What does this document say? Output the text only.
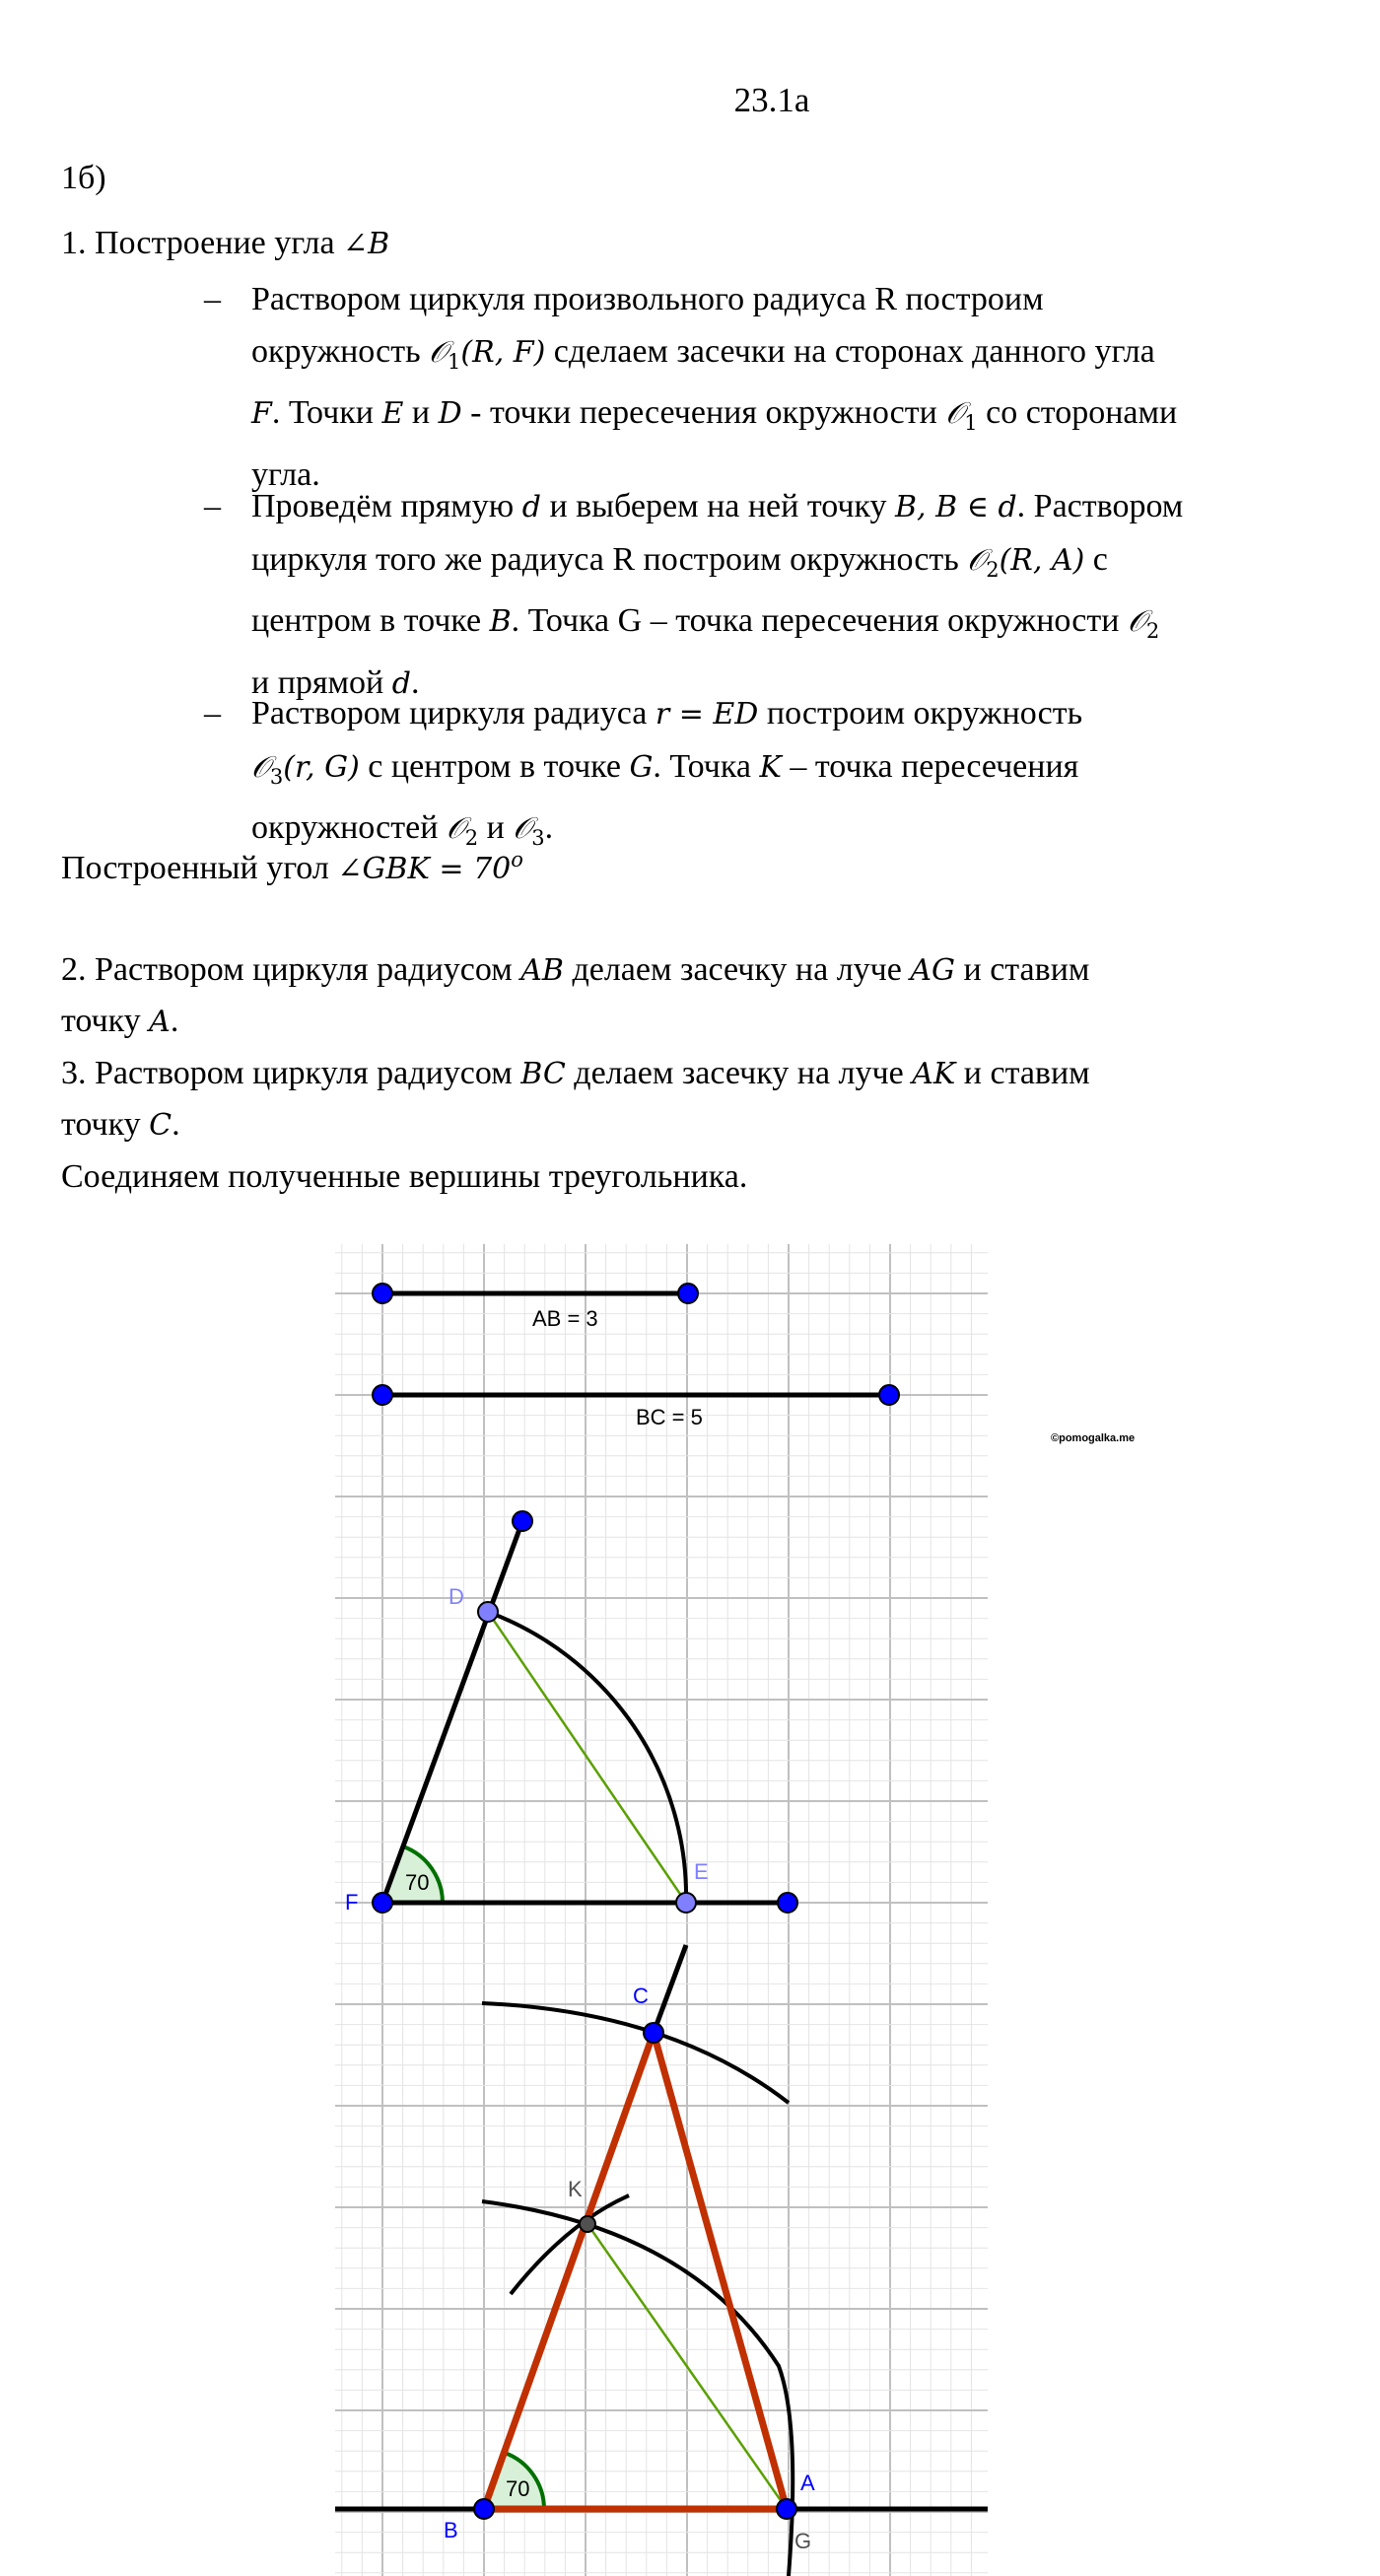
23.1а
1б)
1. Построение угла ∠B
– Раствором циркуля произвольного радиуса R построим
окружность 𝒪$_1$(R, F) сделаем засечки на сторонах данного угла
F. Точки E и D - точки пересечения окружности 𝒪$_1$ со сторонами
угла.
– Проведём прямую d и выберем на ней точку B, B ∈ d. Раствором
циркуля того же радиуса R построим окружность 𝒪$_2$(R, A) с
центром в точке B. Точка G – точка пересечения окружности 𝒪$_2$
и прямой d.
– Раствором циркуля радиуса r = ED построим окружность
𝒪$_3$(r, G) с центром в точке G. Точка K – точка пересечения
окружностей 𝒪$_2$ и 𝒪$_3$.
Построенный угол ∠GBK = $70^o$
2. Раствором циркуля радиусом AB делаем засечку на луче AG и ставим
точку A.
3. Раствором циркуля радиусом BC делаем засечку на луче AK и ставим
точку C.
Соединяем полученные вершины треугольника.
AB = 3
BC = 5
©pomogalka.me
70
D
E
F
70
C
K
A
B	G
